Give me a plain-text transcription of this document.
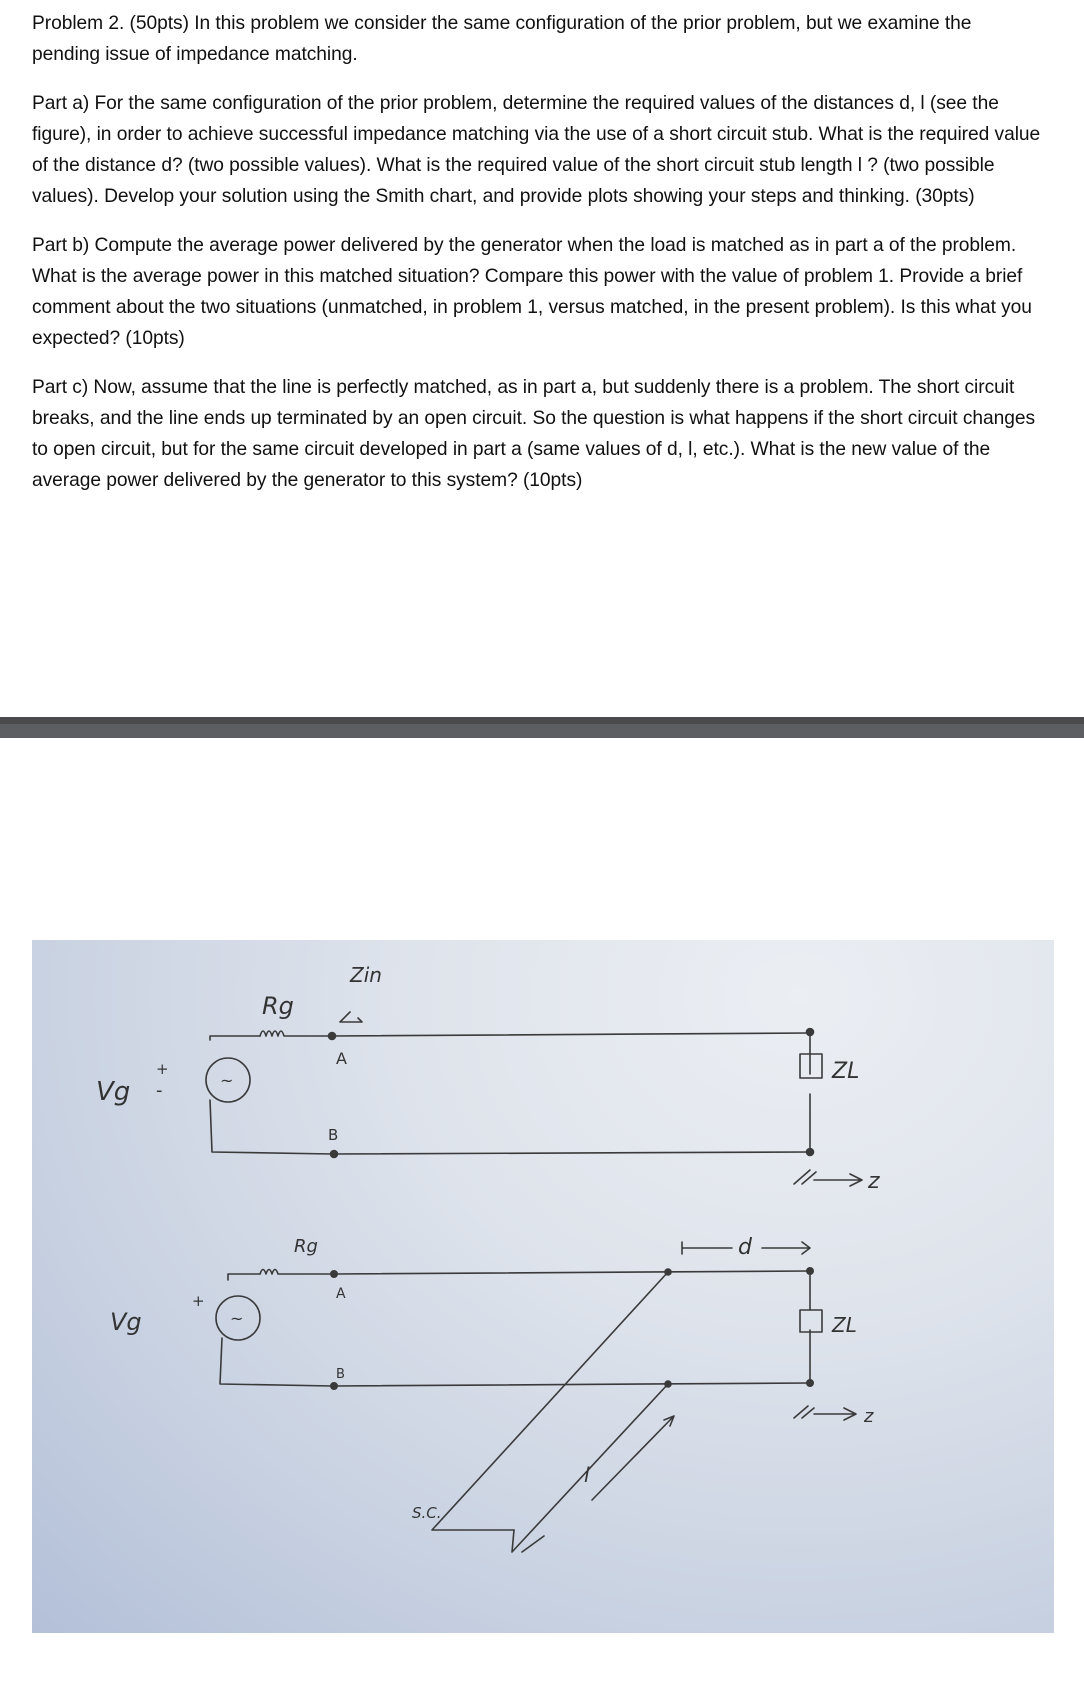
Problem 2. (50pts) In this problem we consider the same configuration of the prior problem, but we examine the pending issue of impedance matching.

Part a) For the same configuration of the prior problem, determine the required values of the distances d, l (see the figure), in order to achieve successful impedance matching via the use of a short circuit stub. What is the required value of the distance d? (two possible values). What is the required value of the short circuit stub length l ? (two possible values). Develop your solution using the Smith chart, and provide plots showing your steps and thinking. (30pts)

Part b) Compute the average power delivered by the generator when the load is matched as in part a of the problem. What is the average power in this matched situation? Compare this power with the value of problem 1. Provide a brief comment about the two situations (unmatched, in problem 1, versus matched, in the present problem). Is this what you expected? (10pts)

Part c) Now, assume that the line is perfectly matched, as in part a, but suddenly there is a problem. The short circuit breaks, and the line ends up terminated by an open circuit. So the question is what happens if the short circuit changes to open circuit, but for the same circuit developed in part a (same values of d, l, etc.). What is the new value of the average power delivered by the generator to this system? (10pts)

Vg
+
-	~
Rg
Zin
A
B
ZL
z
Vg
+
~
Rg
A
B
d
ZL
z
l
S.C.
